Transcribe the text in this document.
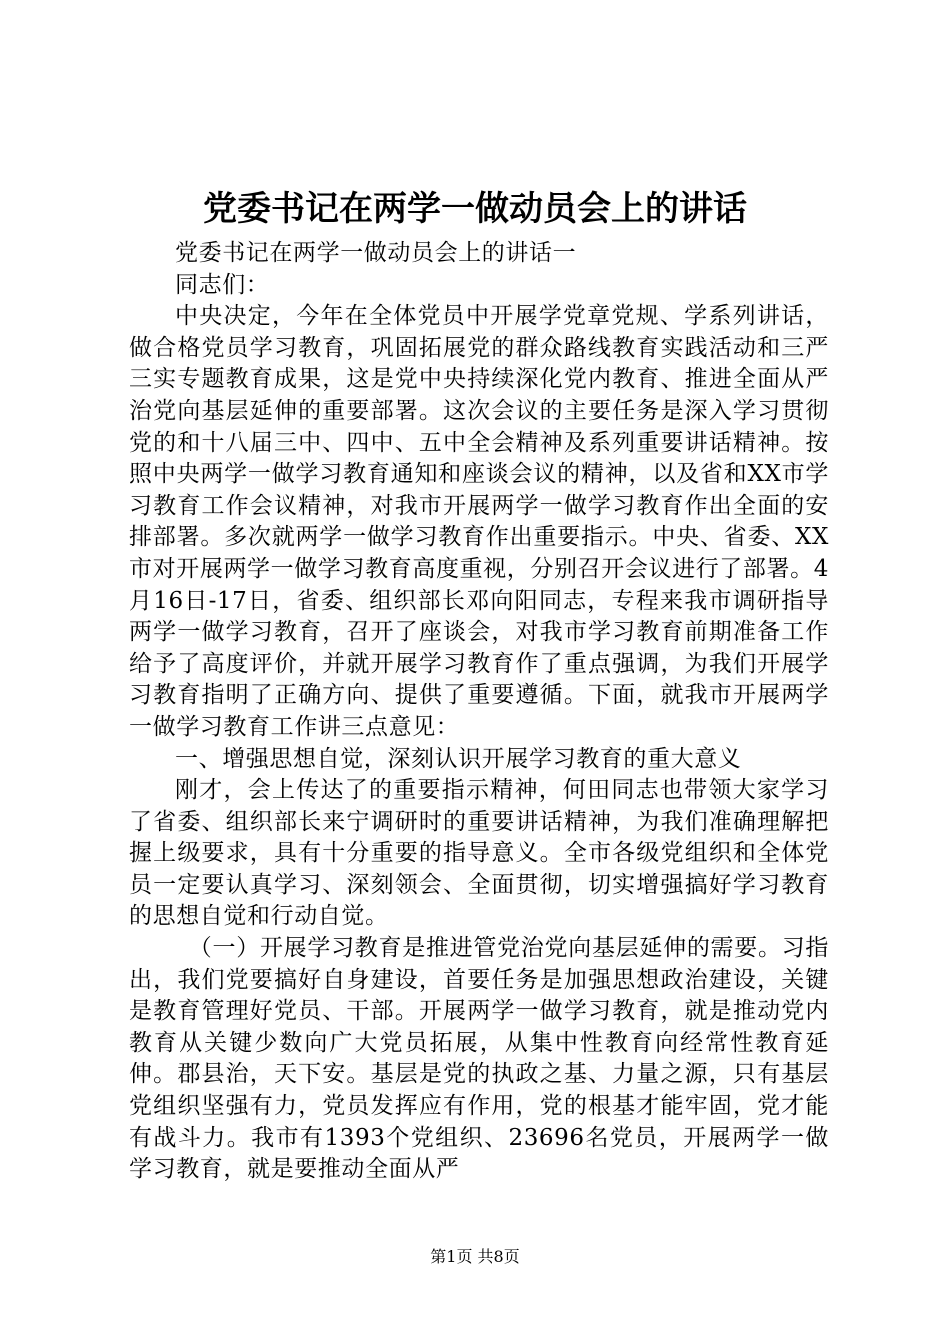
党委书记在两学一做动员会上的讲话

党委书记在两学一做动员会上的讲话一

同志们：

中央决定，今年在全体党员中开展学党章党规、学系列讲话，做合格党员学习教育，巩固拓展党的群众路线教育实践活动和三严三实专题教育成果，这是党中央持续深化党内教育、推进全面从严治党向基层延伸的重要部署。这次会议的主要任务是深入学习贯彻党的和十八届三中、四中、五中全会精神及系列重要讲话精神。按照中央两学一做学习教育通知和座谈会议的精神，以及省和XX市学习教育工作会议精神，对我市开展两学一做学习教育作出全面的安排部署。多次就两学一做学习教育作出重要指示。中央、省委、XX市对开展两学一做学习教育高度重视，分别召开会议进行了部署。4月16日-17日，省委、组织部长邓向阳同志，专程来我市调研指导两学一做学习教育，召开了座谈会，对我市学习教育前期准备工作给予了高度评价，并就开展学习教育作了重点强调，为我们开展学习教育指明了正确方向、提供了重要遵循。下面，就我市开展两学一做学习教育工作讲三点意见：

一、增强思想自觉，深刻认识开展学习教育的重大意义

刚才，会上传达了的重要指示精神，何田同志也带领大家学习了省委、组织部长来宁调研时的重要讲话精神，为我们准确理解把握上级要求，具有十分重要的指导意义。全市各级党组织和全体党员一定要认真学习、深刻领会、全面贯彻，切实增强搞好学习教育的思想自觉和行动自觉。

（一）开展学习教育是推进管党治党向基层延伸的需要。习指出，我们党要搞好自身建设，首要任务是加强思想政治建设，关键是教育管理好党员、干部。开展两学一做学习教育，就是推动党内教育从关键少数向广大党员拓展，从集中性教育向经常性教育延伸。郡县治，天下安。基层是党的执政之基、力量之源，只有基层党组织坚强有力，党员发挥应有作用，党的根基才能牢固，党才能有战斗力。我市有1393个党组织、23696名党员，开展两学一做学习教育，就是要推动全面从严

第1页 共8页
